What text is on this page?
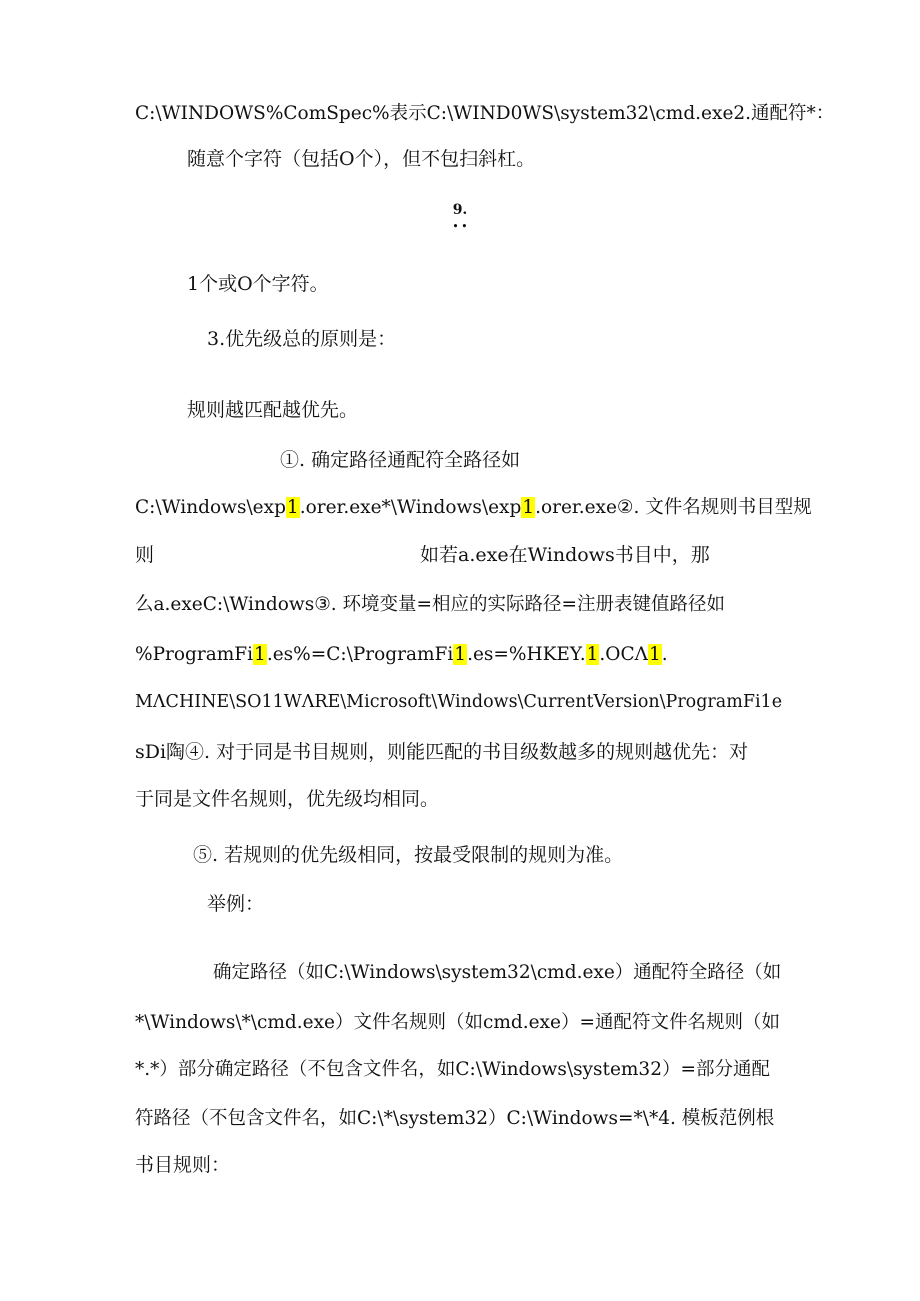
C:\WINDOWS%ComSpec%表示C:\WIND0WS\system32\cmd.exe2.通配符*：
随意个字符（包括O个），但不包扫斜杠。
9.
• •
1个或O个字符。
3.优先级总的原则是：
规则越匹配越优先。
①. 确定路径通配符全路径如
C:\Windows\exp1.orer.exe*\Windows\exp1.orer.exe②. 文件名规则书目型规
则	如若a.exe在Windows书目中，那
么a.exeC:\Windows③. 环境变量=相应的实际路径=注册表键值路径如
%ProgramFi1.es%=C:\ProgramFi1.es=%HKEY.1.OCΛ1.
MΛCHINE\SO11WΛRE\Microsoft\Windows\CurrentVersion\ProgramFi1e
sDi陶④. 对于同是书目规则，则能匹配的书目级数越多的规则越优先：对
于同是文件名规则，优先级均相同。
⑤. 若规则的优先级相同，按最受限制的规则为准。
举例：
确定路径（如C:\Windows\system32\cmd.exe）通配符全路径（如
*\Windows\*\cmd.exe）文件名规则（如cmd.exe）=通配符文件名规则（如
*.*）部分确定路径（不包含文件名，如C:\Windows\system32）=部分通配
符路径（不包含文件名，如C:\*\system32）C:\Windows=*\*4. 模板范例根
书目规则：
